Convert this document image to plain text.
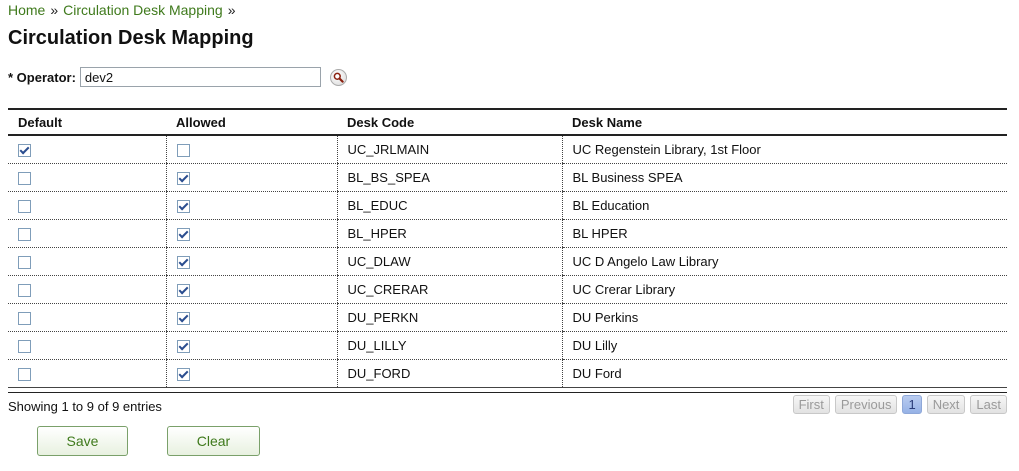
Home » Circulation Desk Mapping »
Circulation Desk Mapping
* Operator:
dev2
Default	Allowed	Desk Code	Desk Name
		UC_JRLMAIN	UC Regenstein Library, 1st Floor
		BL_BS_SPEA	BL Business SPEA
		BL_EDUC	BL Education
		BL_HPER	BL HPER
		UC_DLAW	UC D Angelo Law Library
		UC_CRERAR	UC Crerar Library
		DU_PERKN	DU Perkins
		DU_LILLY	DU Lilly
		DU_FORD	DU Ford
Showing 1 to 9 of 9 entries	First	Previous	1	Next	Last
Save	Clear
